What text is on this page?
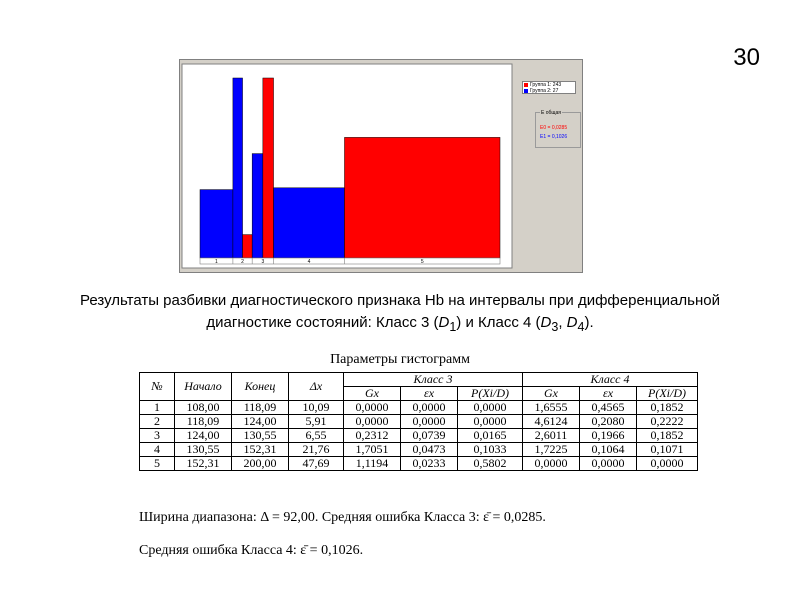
30
1	2	3	4	5
Группа 1: 243
Группа 2: 27
E общая
E0 = 0,0285
E1 = 0,1026
Результаты разбивки диагностического признака Hb на интервалы при дифференциальной
диагностике состояний: Класс 3 $(D_1)$ и Класс 4 ($D_3$, $D_4$).
Параметры гистограмм
№	Начало	Конец	Δx	Класс 3			Класс 4		
				Gx	εx	P(Xi/D)	Gx	εx	P(Xi/D)
1	108,00	118,09	10,09	0,0000	0,0000	0,0000	1,6555	0,4565	0,1852
2	118,09	124,00	5,91	0,0000	0,0000	0,0000	4,6124	0,2080	0,2222
3	124,00	130,55	6,55	0,2312	0,0739	0,0165	2,6011	0,1966	0,1852
4	130,55	152,31	21,76	1,7051	0,0473	0,1033	1,7225	0,1064	0,1071
5	152,31	200,00	47,69	1,1194	0,0233	0,5802	0,0000	0,0000	0,0000
Ширина диапазона: Δ = 92,00. Средняя ошибка Класса 3: ε̄ = 0,0285.
Средняя ошибка Класса 4: ε̄ = 0,1026.
